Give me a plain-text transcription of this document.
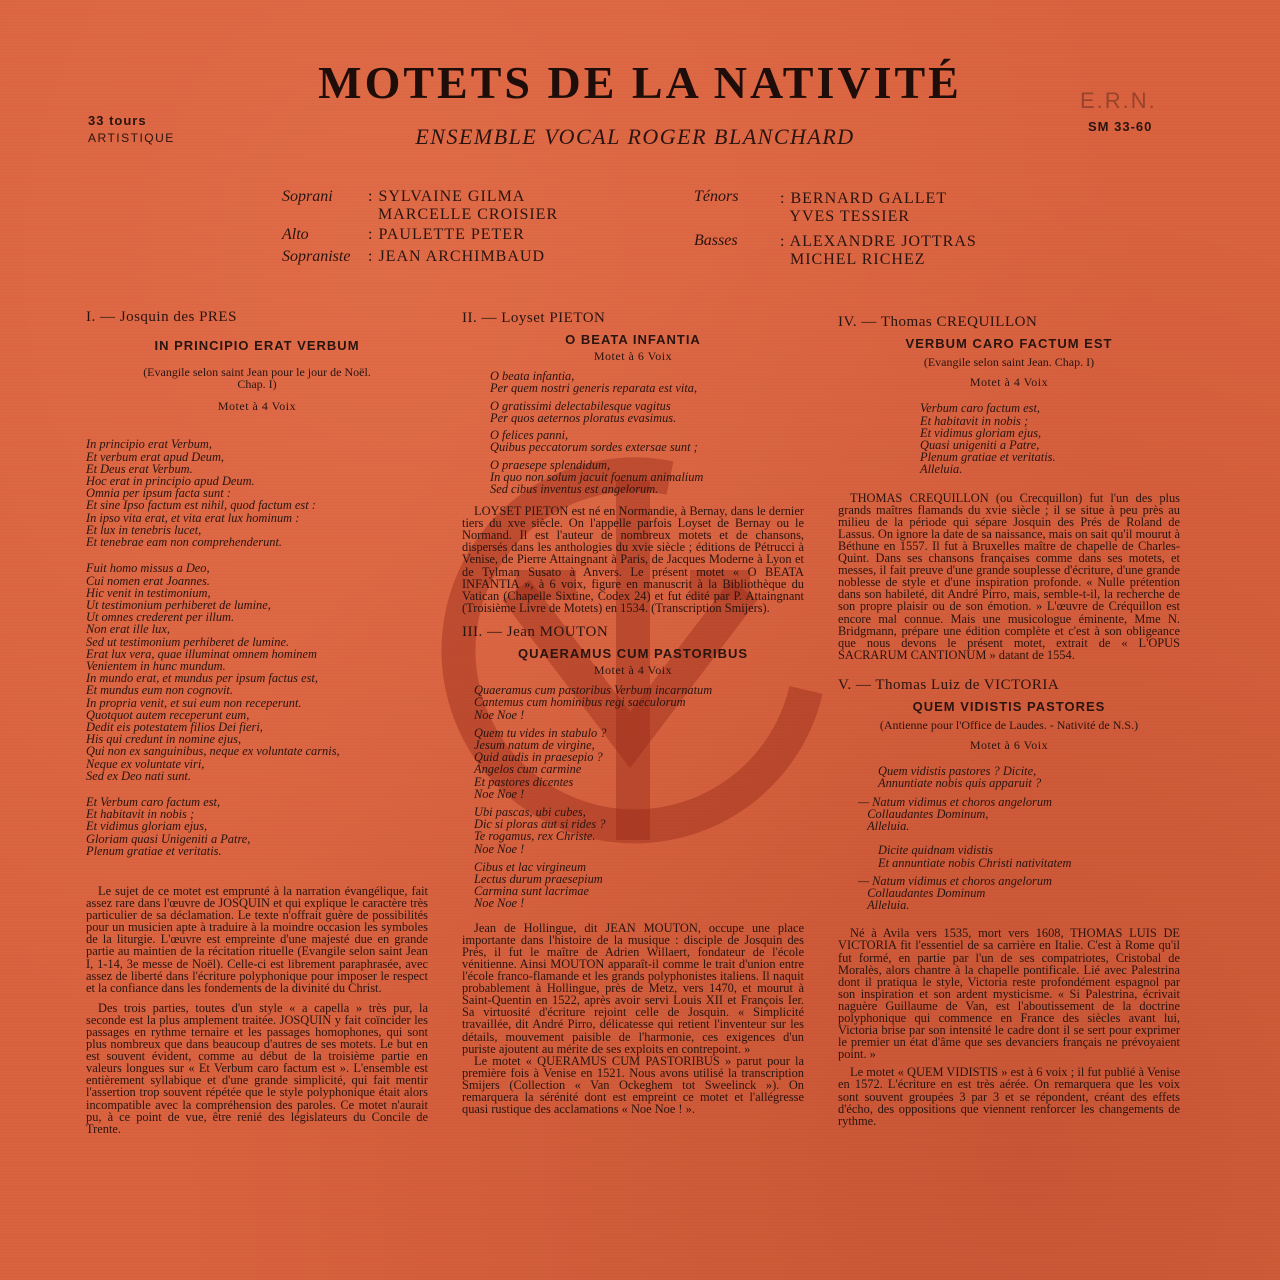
MOTETS DE LA NATIVITÉ
ENSEMBLE VOCAL ROGER BLANCHARD
33 tours
ARTISTIQUE
E.R.N.
SM 33-60
Soprani : SYLVAINE GILMA
MARCELLE CROISIER
Alto	: PAULETTE PETER
Sopraniste : JEAN ARCHIMBAUD
Ténors	: BERNARD GALLET
YVES TESSIER
Basses	: ALEXANDRE JOTTRAS
MICHEL RICHEZ
I. — Josquin des PRES
IN PRINCIPIO ERAT VERBUM
(Evangile selon saint Jean pour le jour de Noël.
Chap. I)
Motet à 4 Voix
In principio erat Verbum,
Et verbum erat apud Deum,
Et Deus erat Verbum.
Hoc erat in principio apud Deum.
Omnia per ipsum facta sunt :
Et sine Ipso factum est nihil, quod factum est :
In ipso vita erat, et vita erat lux hominum :
Et lux in tenebris lucet,
Et tenebrae eam non comprehenderunt.
Fuit homo missus a Deo,
Cui nomen erat Joannes.
Hic venit in testimonium,
Ut testimonium perhiberet de lumine,
Ut omnes crederent per illum.
Non erat ille lux,
Sed ut testimonium perhiberet de lumine.
Erat lux vera, quae illuminat omnem hominem
Venientem in hunc mundum.
In mundo erat, et mundus per ipsum factus est,
Et mundus eum non cognovit.
In propria venit, et sui eum non receperunt.
Quotquot autem receperunt eum,
Dedit eis potestatem filios Dei fieri,
His qui credunt in nomine ejus,
Qui non ex sanguinibus, neque ex voluntate carnis,
Neque ex voluntate viri,
Sed ex Deo nati sunt.
Et Verbum caro factum est,
Et habitavit in nobis ;
Et vidimus gloriam ejus,
Gloriam quasi Unigeniti a Patre,
Plenum gratiae et veritatis.

Le sujet de ce motet est emprunté à la narration évangélique, fait assez rare dans l'œuvre de JOSQUIN et qui explique le caractère très particulier de sa déclamation. Le texte n'offrait guère de possibilités pour un musicien apte à traduire à la moindre occasion les symboles de la liturgie. L'œuvre est empreinte d'une majesté due en grande partie au maintien de la récitation rituelle (Evangile selon saint Jean I, 1-14, 3e messe de Noël). Celle-ci est librement paraphrasée, avec assez de liberté dans l'écriture polyphonique pour imposer le respect et la confiance dans les fondements de la divinité du Christ.

Des trois parties, toutes d'un style « a capella » très pur, la seconde est la plus amplement traitée. JOSQUIN y fait coïncider les passages en rythme ternaire et les passages homophones, qui sont plus nombreux que dans beaucoup d'autres de ses motets. Le but en est souvent évident, comme au début de la troisième partie en valeurs longues sur « Et Verbum caro factum est ». L'ensemble est entièrement syllabique et d'une grande simplicité, qui fait mentir l'assertion trop souvent répétée que le style polyphonique était alors incompatible avec la compréhension des paroles. Ce motet n'aurait pu, à ce point de vue, être renié des législateurs du Concile de Trente.

II. — Loyset PIETON
O BEATA INFANTIA
Motet à 6 Voix
O beata infantia,
Per quem nostri generis reparata est vita,
O gratissimi delectabilesque vagitus
Per quos aeternos ploratus evasimus.
O felices panni,
Quibus peccatorum sordes extersae sunt ;
O praesepe splendidum,
In quo non solum jacuit foenum animalium
Sed cibus inventus est angelorum.

LOYSET PIETON est né en Normandie, à Bernay, dans le dernier tiers du xve siècle. On l'appelle parfois Loyset de Bernay ou le Normand. Il est l'auteur de nombreux motets et de chansons, dispersés dans les anthologies du xvie siècle ; éditions de Pétrucci à Venise, de Pierre Attaingnant à Paris, de Jacques Moderne à Lyon et de Tylman Susato à Anvers. Le présent motet « O BEATA INFANTIA », à 6 voix, figure en manuscrit à la Bibliothèque du Vatican (Chapelle Sixtine, Codex 24) et fut édité par P. Attaingnant (Troisième Livre de Motets) en 1534. (Transcription Smijers).

III. — Jean MOUTON
QUAERAMUS CUM PASTORIBUS
Motet à 4 Voix
Quaeramus cum pastoribus Verbum incarnatum
Cantemus cum hominibus regi saeculorum
Noe Noe !
Quem tu vides in stabulo ?
Jesum natum de virgine,
Quid audis in praesepio ?
Angelos cum carmine
Et pastores dicentes
Noe Noe !
Ubi pascas, ubi cubes,
Dic si ploras aut si rides ?
Te rogamus, rex Christe.
Noe Noe !
Cibus et lac virgineum
Lectus durum praesepium
Carmina sunt lacrimae
Noe Noe !

Jean de Hollingue, dit JEAN MOUTON, occupe une place importante dans l'histoire de la musique : disciple de Josquin des Prés, il fut le maître de Adrien Willaert, fondateur de l'école vénitienne. Ainsi MOUTON apparaît-il comme le trait d'union entre l'école franco-flamande et les grands polyphonistes italiens. Il naquit probablement à Hollingue, près de Metz, vers 1470, et mourut à Saint-Quentin en 1522, après avoir servi Louis XII et François Ier. Sa virtuosité d'écriture rejoint celle de Josquin. « Simplicité travaillée, dit André Pirro, délicatesse qui retient l'inventeur sur les détails, mouvement paisible de l'harmonie, ces exigences d'un puriste ajoutent au mérite de ses exploits en contrepoint. »

Le motet « QUERAMUS CUM PASTORIBUS » parut pour la première fois à Venise en 1521. Nous avons utilisé la transcription Smijers (Collection « Van Ockeghem tot Sweelinck »). On remarquera la sérénité dont est empreint ce motet et l'allégresse quasi rustique des acclamations « Noe Noe ! ».

IV. — Thomas CREQUILLON
VERBUM CARO FACTUM EST
(Evangile selon saint Jean. Chap. I)
Motet à 4 Voix
Verbum caro factum est,
Et habitavit in nobis ;
Et vidimus gloriam ejus,
Quasi unigeniti a Patre,
Plenum gratiae et veritatis.
Alleluia.

THOMAS CREQUILLON (ou Crecquillon) fut l'un des plus grands maîtres flamands du xvie siècle ; il se situe à peu près au milieu de la période qui sépare Josquin des Prés de Roland de Lassus. On ignore la date de sa naissance, mais on sait qu'il mourut à Béthune en 1557. Il fut à Bruxelles maître de chapelle de Charles-Quint. Dans ses chansons françaises comme dans ses motets, et messes, il fait preuve d'une grande souplesse d'écriture, d'une grande noblesse de style et d'une inspiration profonde. « Nulle prétention dans son habileté, dit André Pirro, mais, semble-t-il, la recherche de son propre plaisir ou de son émotion. » L'œuvre de Créquillon est encore mal connue. Mais une musicologue éminente, Mme N. Bridgmann, prépare une édition complète et c'est à son obligeance que nous devons le présent motet, extrait de « L'OPUS SACRARUM CANTIONUM » datant de 1554.

V. — Thomas Luiz de VICTORIA
QUEM VIDISTIS PASTORES
(Antienne pour l'Office de Laudes. - Nativité de N.S.)
Motet à 6 Voix
Quem vidistis pastores ? Dicite,
Annuntiate nobis quis apparuit ?
— Natum vidimus et choros angelorum
Collaudantes Dominum,
Alleluia.
Dicite quidnam vidistis
Et annuntiate nobis Christi nativitatem
— Natum vidimus et choros angelorum
Collaudantes Dominum
Alleluia.

Né à Avila vers 1535, mort vers 1608, THOMAS LUIS DE VICTORIA fit l'essentiel de sa carrière en Italie. C'est à Rome qu'il fut formé, en partie par l'un de ses compatriotes, Cristobal de Moralès, alors chantre à la chapelle pontificale. Lié avec Palestrina dont il pratiqua le style, Victoria reste profondément espagnol par son inspiration et son ardent mysticisme. « Si Palestrina, écrivait naguère Guillaume de Van, est l'aboutissement de la doctrine polyphonique qui commence en France des siècles avant lui, Victoria brise par son intensité le cadre dont il se sert pour exprimer le premier un état d'âme que ses devanciers français ne prévoyaient point. »

Le motet « QUEM VIDISTIS » est à 6 voix ; il fut publié à Venise en 1572. L'écriture en est très aérée. On remarquera que les voix sont souvent groupées 3 par 3 et se répondent, créant des effets d'écho, des oppositions que viennent renforcer les changements de rythme.
